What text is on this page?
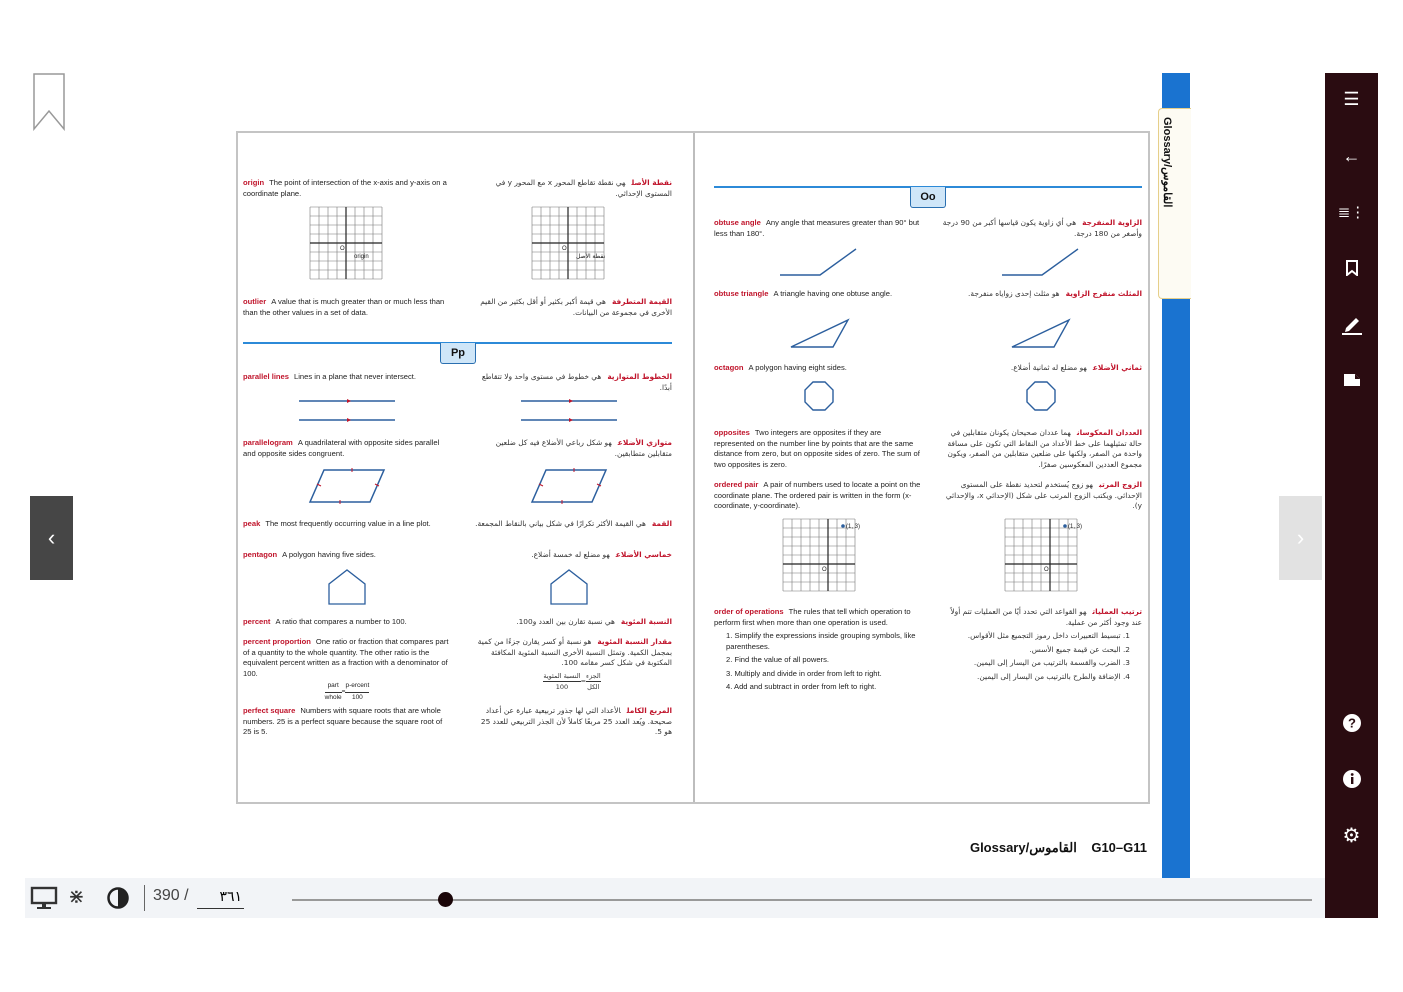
Pp
Oo
origin The point of intersection of the x-axis and y-axis on a coordinate plane.
نقطة الأصلهي نقطة تقاطع المحور x مع المحور y في المستوى الإحداثي.
origin
O
نقطة الأصل
O
outlier A value that is much greater than or much less than than the other values in a set of data.
القيمة المتطرفةهي قيمة أكبر بكثير أو أقل بكثير من القيم الأخرى في مجموعة من البيانات.
parallel lines Lines in a plane that never intersect.	الخطوط المتوازيةهي خطوط في مستوى واحد ولا تتقاطع أبدًا.
parallelogram A quadrilateral with opposite sides parallel and opposite sides congruent.
متوازي الأضلاعهو شكل رباعي الأضلاع فيه كل ضلعين متقابلين متطابقين.
peak The most frequently occurring value in a line plot.	القمةهي القيمة الأكثر تكرارًا في شكل بياني بالنقاط المجمعة.
pentagon A polygon having five sides.	خماسي الأضلاعهو مضلع له خمسة أضلاع.
percent A ratio that compares a number to 100.	النسبة المئويةهي نسبة تقارن بين العدد و100.
percent proportion One ratio or fraction that compares part of a quantity to the whole quantity. The other ratio is the equivalent percent written as a fraction with a denominator of 100.
part
whole=
p-ercent
100
مقدار النسبة المئويةهو نسبة أو كسر يقارن جزءًا من كمية بمجمل الكمية. وتمثل النسبة الأخرى النسبة المئوية المكافئة المكتوبة في شكل كسر مقامه 100.
الجزء
الكل=
النسبة المئوية
100
perfect square Numbers with square roots that are whole numbers. 25 is a perfect square because the square root of 25 is 5.
المربع الكاملالأعداد التي لها جذور تربيعية عبارة عن أعداد صحيحة. ويُعد العدد 25 مربعًا كاملاً لأن الجذر التربيعي للعدد 25 هو 5.
obtuse angle Any angle that measures greater than 90° but less than 180°.
الزاوية المنفرجةهي أي زاوية يكون قياسها أكبر من 90 درجة وأصغر من 180 درجة.
obtuse triangle A triangle having one obtuse angle.	المثلث منفرج الزاويةهو مثلث إحدى زواياه منفرجة.
octagon A polygon having eight sides.	ثماني الأضلاعهو مضلع له ثمانية أضلاع.
opposites Two integers are opposites if they are represented on the number line by points that are the same distance from zero, but on opposite sides of zero. The sum of two opposites is zero.
العددان المعكوسانهما عددان صحيحان يكونان متقابلين في حالة تمثيلهما على خط الأعداد من النقاط التي تكون على مسافة واحدة من الصفر، ولكنها على ضلعين متقابلين من الصفر، ويكون مجموع العددين المعكوسين صفرًا.
ordered pair A pair of numbers used to locate a point on the coordinate plane. The ordered pair is written in the form (x-coordinate, y-coordinate).
الزوج المرتبهو زوج يُستخدم لتحديد نقطة على المستوى الإحداثي. ويكتب الزوج المرتب على شكل (الإحداثي x، والإحداثي y).
(1, 3)
O
(1, 3)
O
order of operations The rules that tell which operation to perform first when more than one operation is used.
1. Simplify the expressions inside grouping symbols, like parentheses.
2. Find the value of all powers.
3. Multiply and divide in order from left to right.
4. Add and subtract in order from left to right.
ترتيب العملياتهو القواعد التي تحدد أيًا من العمليات تتم أولاً عند وجود أكثر من عملية.
1. تبسيط التعبيرات داخل رموز التجميع مثل الأقواس.
2. البحث عن قيمة جميع الأسس.
3. الضرب والقسمة بالترتيب من اليسار إلى اليمين.
4. الإضافة والطرح بالترتيب من اليسار إلى اليمين.
Glossary/القاموس G10–G11
Glossary/القاموس
☰
←
≣⋮
?
⚙
‹	›
⋇	390 /
٣٦١
